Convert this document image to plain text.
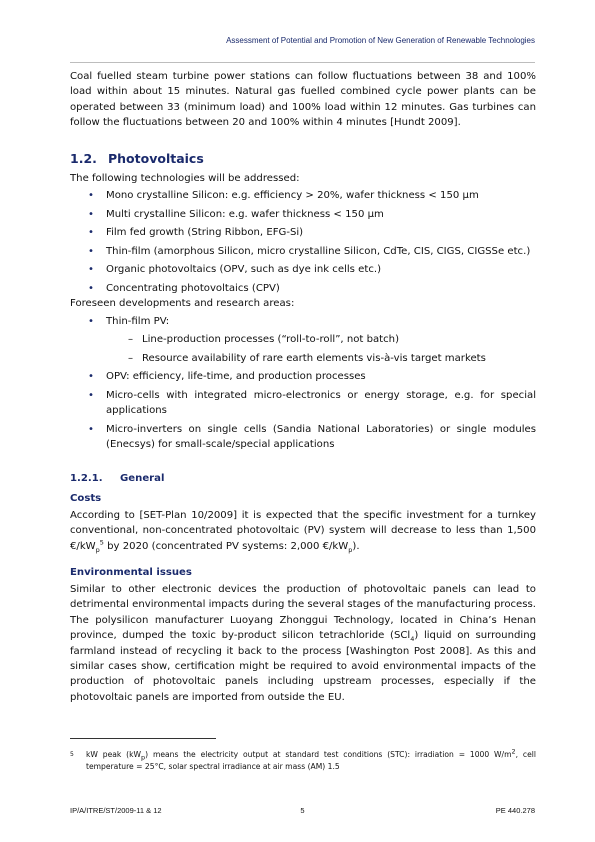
Assessment of Potential and Promotion of New Generation of Renewable Technologies

Coal fuelled steam turbine power stations can follow fluctuations between 38 and 100% load within about 15 minutes. Natural gas fuelled combined cycle power plants can be operated between 33 (minimum load) and 100% load within 12 minutes. Gas turbines can follow the fluctuations between 20 and 100% within 4 minutes [Hundt 2009].

1.2. Photovoltaics

The following technologies will be addressed:

• Mono crystalline Silicon: e.g. efficiency > 20%, wafer thickness < 150 µm
• Multi crystalline Silicon: e.g. wafer thickness < 150 µm
• Film fed growth (String Ribbon, EFG-Si)
• Thin-film (amorphous Silicon, micro crystalline Silicon, CdTe, CIS, CIGS, CIGSSe etc.)
• Organic photovoltaics (OPV, such as dye ink cells etc.)
• Concentrating photovoltaics (CPV)

Foreseen developments and research areas:

• Thin-film PV:
– Line-production processes (“roll-to-roll”, not batch)
– Resource availability of rare earth elements vis-à-vis target markets
• OPV: efficiency, life-time, and production processes
• Micro-cells with integrated micro-electronics or energy storage, e.g. for special applications
• Micro-inverters on single cells (Sandia National Laboratories) or single modules (Enecsys) for small-scale/special applications
1.2.1. General
Costs

According to [SET-Plan 10/2009] it is expected that the specific investment for a turnkey conventional, non-concentrated photovoltaic (PV) system will decrease to less than 1,500 $€/kW_p^5$ by 2020 (concentrated PV systems: 2,000 $€/kW_p$).

Environmental issues

Similar to other electronic devices the production of photovoltaic panels can lead to detrimental environmental impacts during the several stages of the manufacturing process. The polysilicon manufacturer Luoyang Zhonggui Technology, located in China’s Henan province, dumped the toxic by-product silicon tetrachloride (SCl$_4$) liquid on surrounding farmland instead of recycling it back to the process [Washington Post 2008]. As this and similar cases show, certification might be required to avoid environmental impacts of the production of photovoltaic panels including upstream processes, especially if the photovoltaic panels are imported from outside the EU.

5	kW peak $(kW_p)$ means the electricity output at standard test conditions (STC): irradiation = 1000 $W/m^2$, cell temperature = 25°C, solar spectral irradiance at air mass (AM) 1.5
IP/A/ITRE/ST/2009-11 & 12	5	PE 440.278
